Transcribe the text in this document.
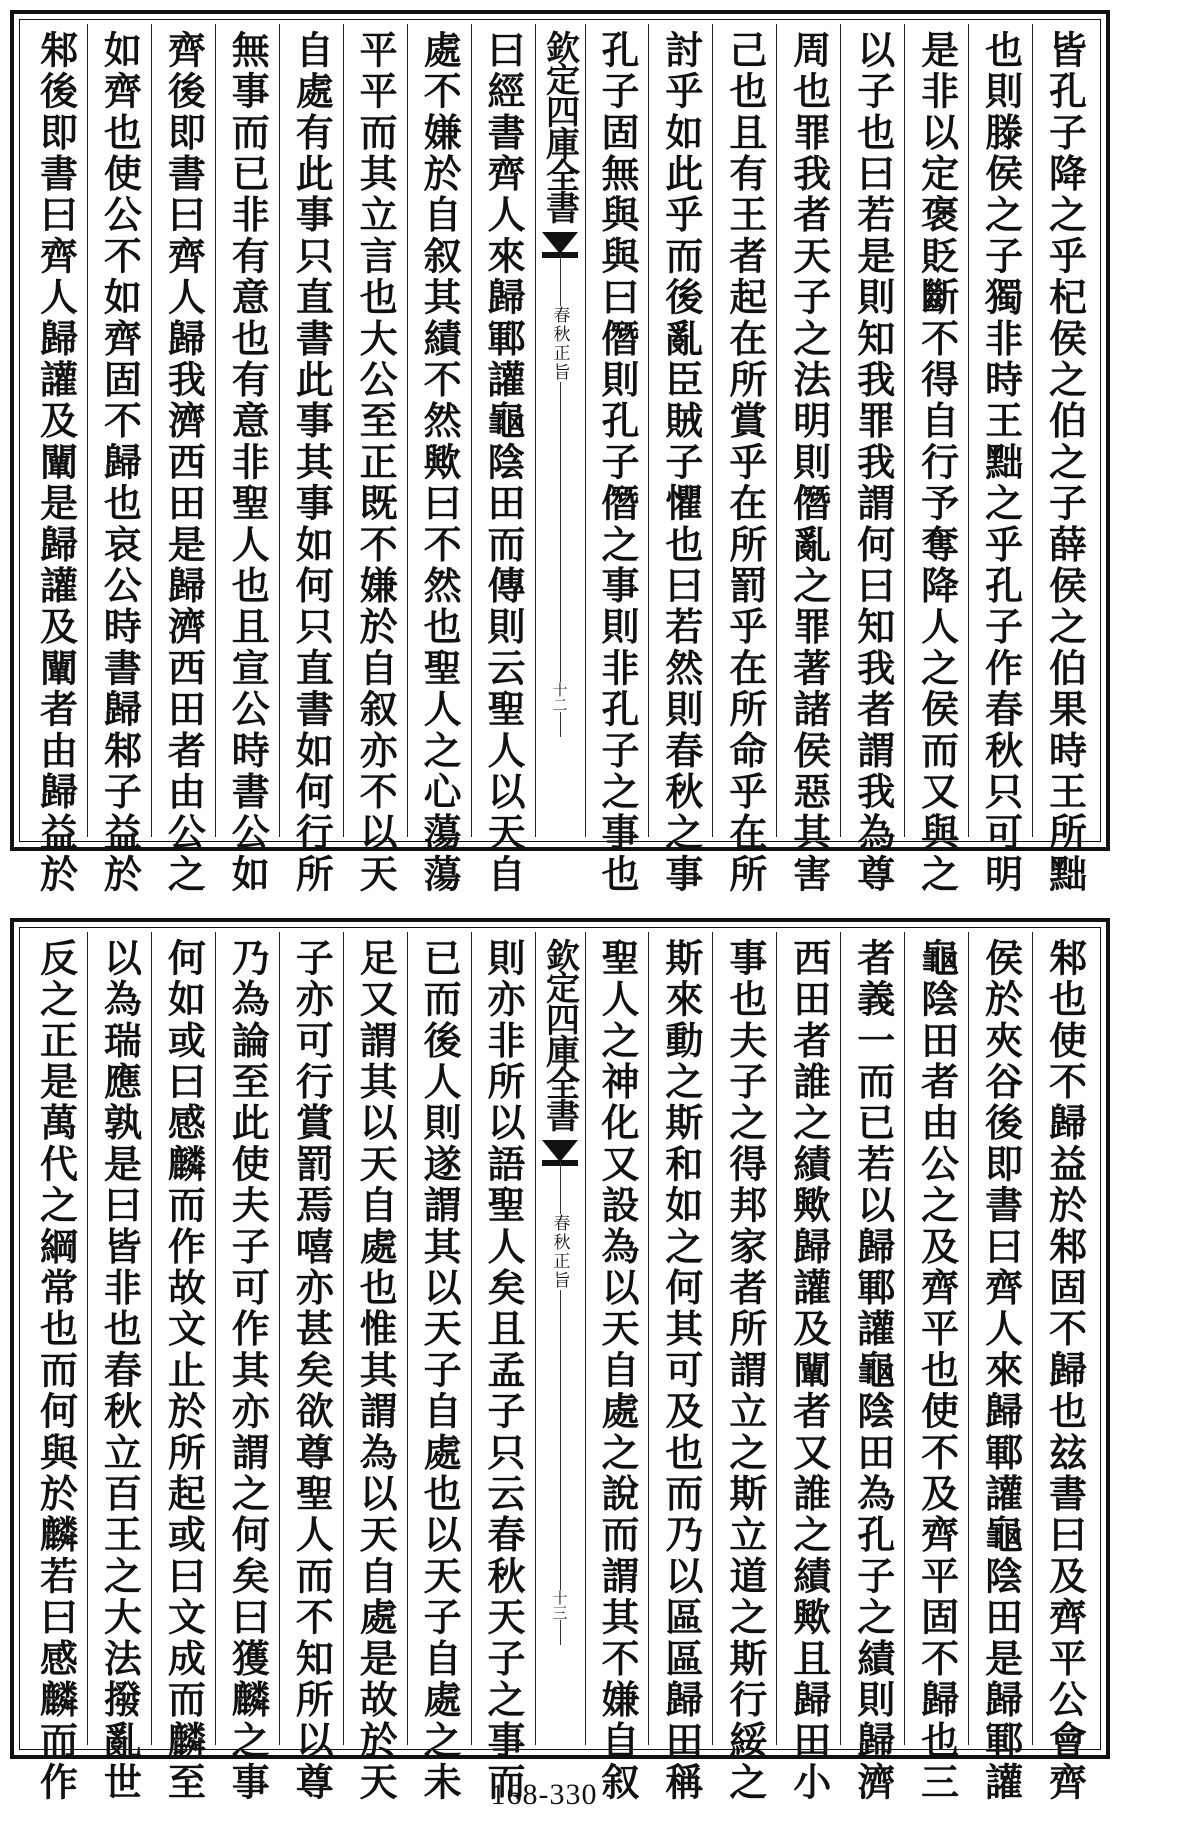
皆孔子降之乎杞侯之伯之子薛侯之伯果時王所黜
也則滕侯之子獨非時王黜之乎孔子作春秋只可明
是非以定褒貶斷不得自行予奪降人之侯而又與之
以子也曰若是則知我罪我謂何曰知我者謂我為尊
周也罪我者天子之法明則僭亂之罪著諸侯惡其害
己也且有王者起在所賞乎在所罰乎在所命乎在所
討乎如此乎而後亂臣賊子懼也曰若然則春秋之事
孔子固無與與曰僭則孔子僭之事則非孔子之事也
欽定四庫全書
春秋正旨
十二
曰經書齊人來歸鄆讙龜陰田而傳則云聖人以天自
處不嫌於自叙其績不然歟曰不然也聖人之心蕩蕩
平平而其立言也大公至正既不嫌於自叙亦不以天
自處有此事只直書此事其事如何只直書如何行所
無事而已非有意也有意非聖人也且宣公時書公如
齊後即書曰齊人歸我濟西田是歸濟西田者由公之
如齊也使公不如齊固不歸也哀公時書歸邾子益於
邾後即書曰齊人歸讙及闡是歸讙及闡者由歸益於
邾也使不歸益於邾固不歸也玆書曰及齊平公會齊
侯於夾谷後即書曰齊人來歸鄆讙龜陰田是歸鄆讙
龜陰田者由公之及齊平也使不及齊平固不歸也三
者義一而已若以歸鄆讙龜陰田為孔子之績則歸濟
西田者誰之績歟歸讙及闡者又誰之績歟且歸田小
事也夫子之得邦家者所謂立之斯立道之斯行綏之
斯來動之斯和如之何其可及也而乃以區區歸田稱
聖人之神化又設為以天自處之說而謂其不嫌自叙
欽定四庫全書
春秋正旨
十三
則亦非所以語聖人矣且孟子只云春秋天子之事而
已而後人則遂謂其以天子自處也以天子自處之未
足又謂其以天自處也惟其謂為以天自處是故於天
子亦可行賞罰焉嘻亦甚矣欲尊聖人而不知所以尊
乃為論至此使夫子可作其亦謂之何矣曰獲麟之事
何如或曰感麟而作故文止於所起或曰文成而麟至
以為瑞應孰是曰皆非也春秋立百王之大法撥亂世
反之正是萬代之綱常也而何與於麟若曰感麟而作	168-330
